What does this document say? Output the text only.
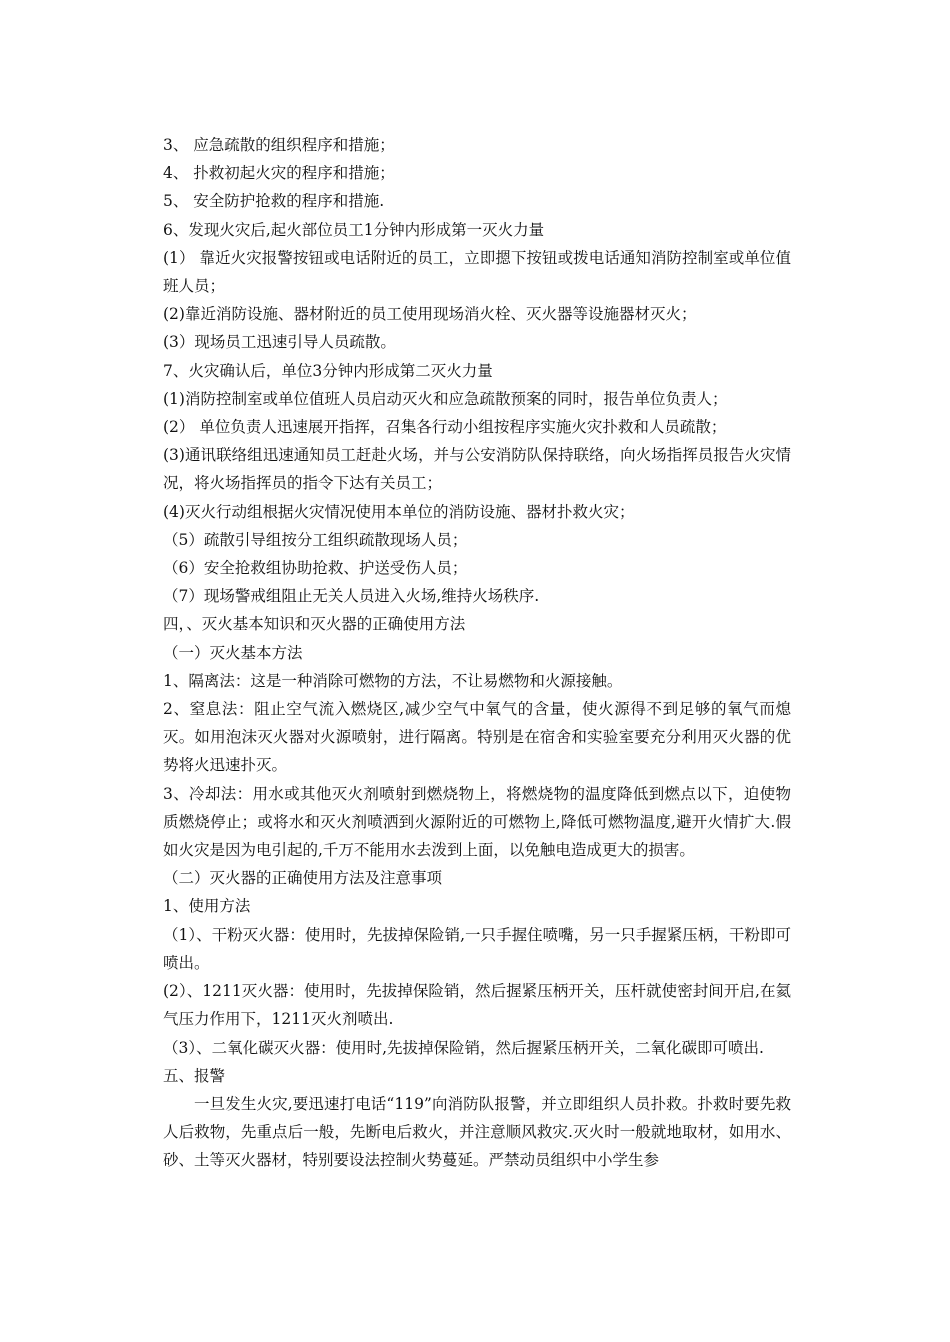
3、 应急疏散的组织程序和措施；

4、 扑救初起火灾的程序和措施；

5、 安全防护抢救的程序和措施.

6、发现火灾后,起火部位员工1分钟内形成第一灭火力量

(1） 靠近火灾报警按钮或电话附近的员工，立即摁下按钮或拨电话通知消防控制室或单位值班人员；

(2)靠近消防设施、器材附近的员工使用现场消火栓、灭火器等设施器材灭火；

(3）现场员工迅速引导人员疏散。

7、火灾确认后，单位3分钟内形成第二灭火力量

(1)消防控制室或单位值班人员启动灭火和应急疏散预案的同时，报告单位负责人；

(2） 单位负责人迅速展开指挥，召集各行动小组按程序实施火灾扑救和人员疏散；

(3)通讯联络组迅速通知员工赶赴火场，并与公安消防队保持联络，向火场指挥员报告火灾情况，将火场指挥员的指令下达有关员工；

(4)灭火行动组根据火灾情况使用本单位的消防设施、器材扑救火灾；

（5）疏散引导组按分工组织疏散现场人员；

（6）安全抢救组协助抢救、护送受伤人员；

（7）现场警戒组阻止无关人员进入火场,维持火场秩序.

四，、灭火基本知识和灭火器的正确使用方法

（一）灭火基本方法

1、隔离法：这是一种消除可燃物的方法，不让易燃物和火源接触。

2、窒息法：阻止空气流入燃烧区,减少空气中氧气的含量，使火源得不到足够的氧气而熄灭。如用泡沫灭火器对火源喷射，进行隔离。特别是在宿舍和实验室要充分利用灭火器的优势将火迅速扑灭。

3、冷却法：用水或其他灭火剂喷射到燃烧物上，将燃烧物的温度降低到燃点以下，迫使物质燃烧停止；或将水和灭火剂喷洒到火源附近的可燃物上,降低可燃物温度,避开火情扩大.假如火灾是因为电引起的,千万不能用水去泼到上面，以免触电造成更大的损害。

（二）灭火器的正确使用方法及注意事项

1、使用方法

（1）、干粉灭火器：使用时，先拔掉保险销,一只手握住喷嘴，另一只手握紧压柄，干粉即可喷出。

(2）、1211灭火器：使用时，先拔掉保险销，然后握紧压柄开关，压杆就使密封间开启,在氦气压力作用下，1211灭火剂喷出.

（3）、二氧化碳灭火器：使用时,先拔掉保险销，然后握紧压柄开关，二氧化碳即可喷出.

五、报警

一旦发生火灾,要迅速打电话“119”向消防队报警，并立即组织人员扑救。扑救时要先救人后救物，先重点后一般，先断电后救火，并注意顺风救灾.灭火时一般就地取材，如用水、砂、土等灭火器材，特别要设法控制火势蔓延。严禁动员组织中小学生参
